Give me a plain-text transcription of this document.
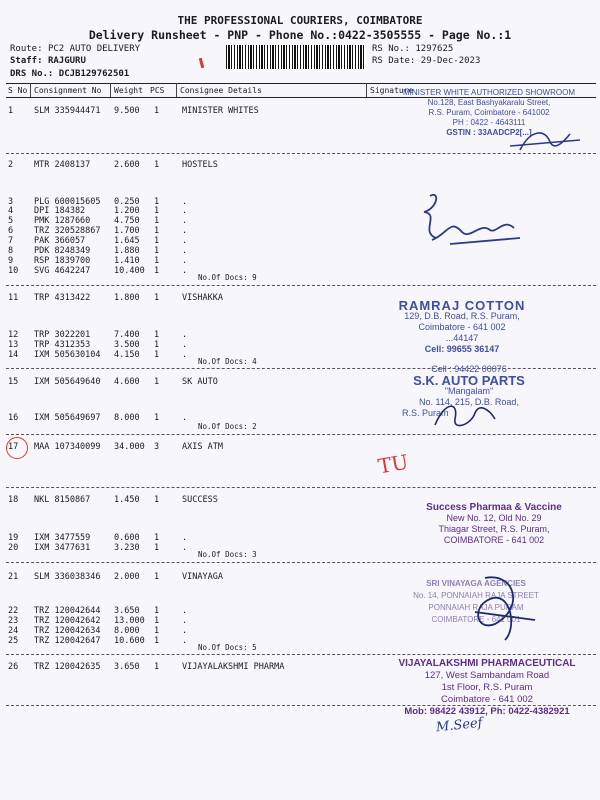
THE PROFESSIONAL COURIERS, COIMBATORE
Delivery Runsheet - PNP - Phone No.:0422-3505555 - Page No.:1
Route: PC2 AUTO DELIVERY
Staff: RAJGURU
DRS No.: DCJB129762501
RS No.: 1297625
RS Date: 29-Dec-2023
S No Consignment No Weight PCS Consignee Details	Signature
1 SLM 335944471 9.500 1	MINISTER WHITES
2 MTR 2408137	2.600 1	HOSTELS
3 PLG 600015605 0.250 1	.
4 DPI 184382	1.200 1	.
5 PMK 1287660	4.750 1	.
6 TRZ 320528867 1.700 1	.
7 PAK 366057	1.645 1	.
8 PDK 8248349	1.880 1	.
9 RSP 1839700	1.410 1	.
10 SVG 4642247	10.400 1	.
11 TRP 4313422	1.800 1	VISHAKKA
12 TRP 3022201	7.400 1	.
13 TRP 4312353	3.500 1	.
14 IXM 505630104 4.150 1	.
15 IXM 505649640 4.600 1	SK AUTO
16 IXM 505649697 8.000 1	.
17 MAA 107340099 34.000 3	AXIS ATM
18 NKL 8150867	1.450 1	SUCCESS
19 IXM 3477559	0.600 1	.
20 IXM 3477631	3.230 1	.
21 SLM 336038346 2.000 1	VINAYAGA
22 TRZ 120042644 3.650 1	.
23 TRZ 120042642 13.000 1	.
24 TRZ 120042634 8.000 1	.
25 TRZ 120042647 10.600 1	.
26 TRZ 120042635 3.650 1	VIJAYALAKSHMI PHARMA
No.Of Docs: 9
No.Of Docs: 4
No.Of Docs: 2
No.Of Docs: 3
No.Of Docs: 5
MINISTER WHITE AUTHORIZED SHOWROOM
No.128, East Bashyakaralu Street,
R.S. Puram, Coimbatore - 641002
PH : 0422 - 4643111
GSTIN : 33AADCP2[...]
RAMRAJ COTTON
129, D.B. Road, R.S. Puram,
Coimbatore - 641 002
...44147
Cell: 99655 36147
Cell : 94422 00076
S.K. AUTO PARTS
"Mangalam"
No. 114, 215, D.B. Road,
R.S. Puram
Success Pharmaa & Vaccine
New No. 12, Old No. 29
Thiagar Street, R.S. Puram,
COIMBATORE - 641 002
SRI VINAYAGA AGENCIES
No. 14, PONNAIAH RAJA STREET
PONNAIAH RAJA PURAM
COIMBATORE - 641 001
VIJAYALAKSHMI PHARMACEUTICAL
127, West Sambandam Road
1st Floor, R.S. Puram
Coimbatore - 641 002
Mob: 98422 43912, Ph: 0422-4382921
TU
M.Seef
